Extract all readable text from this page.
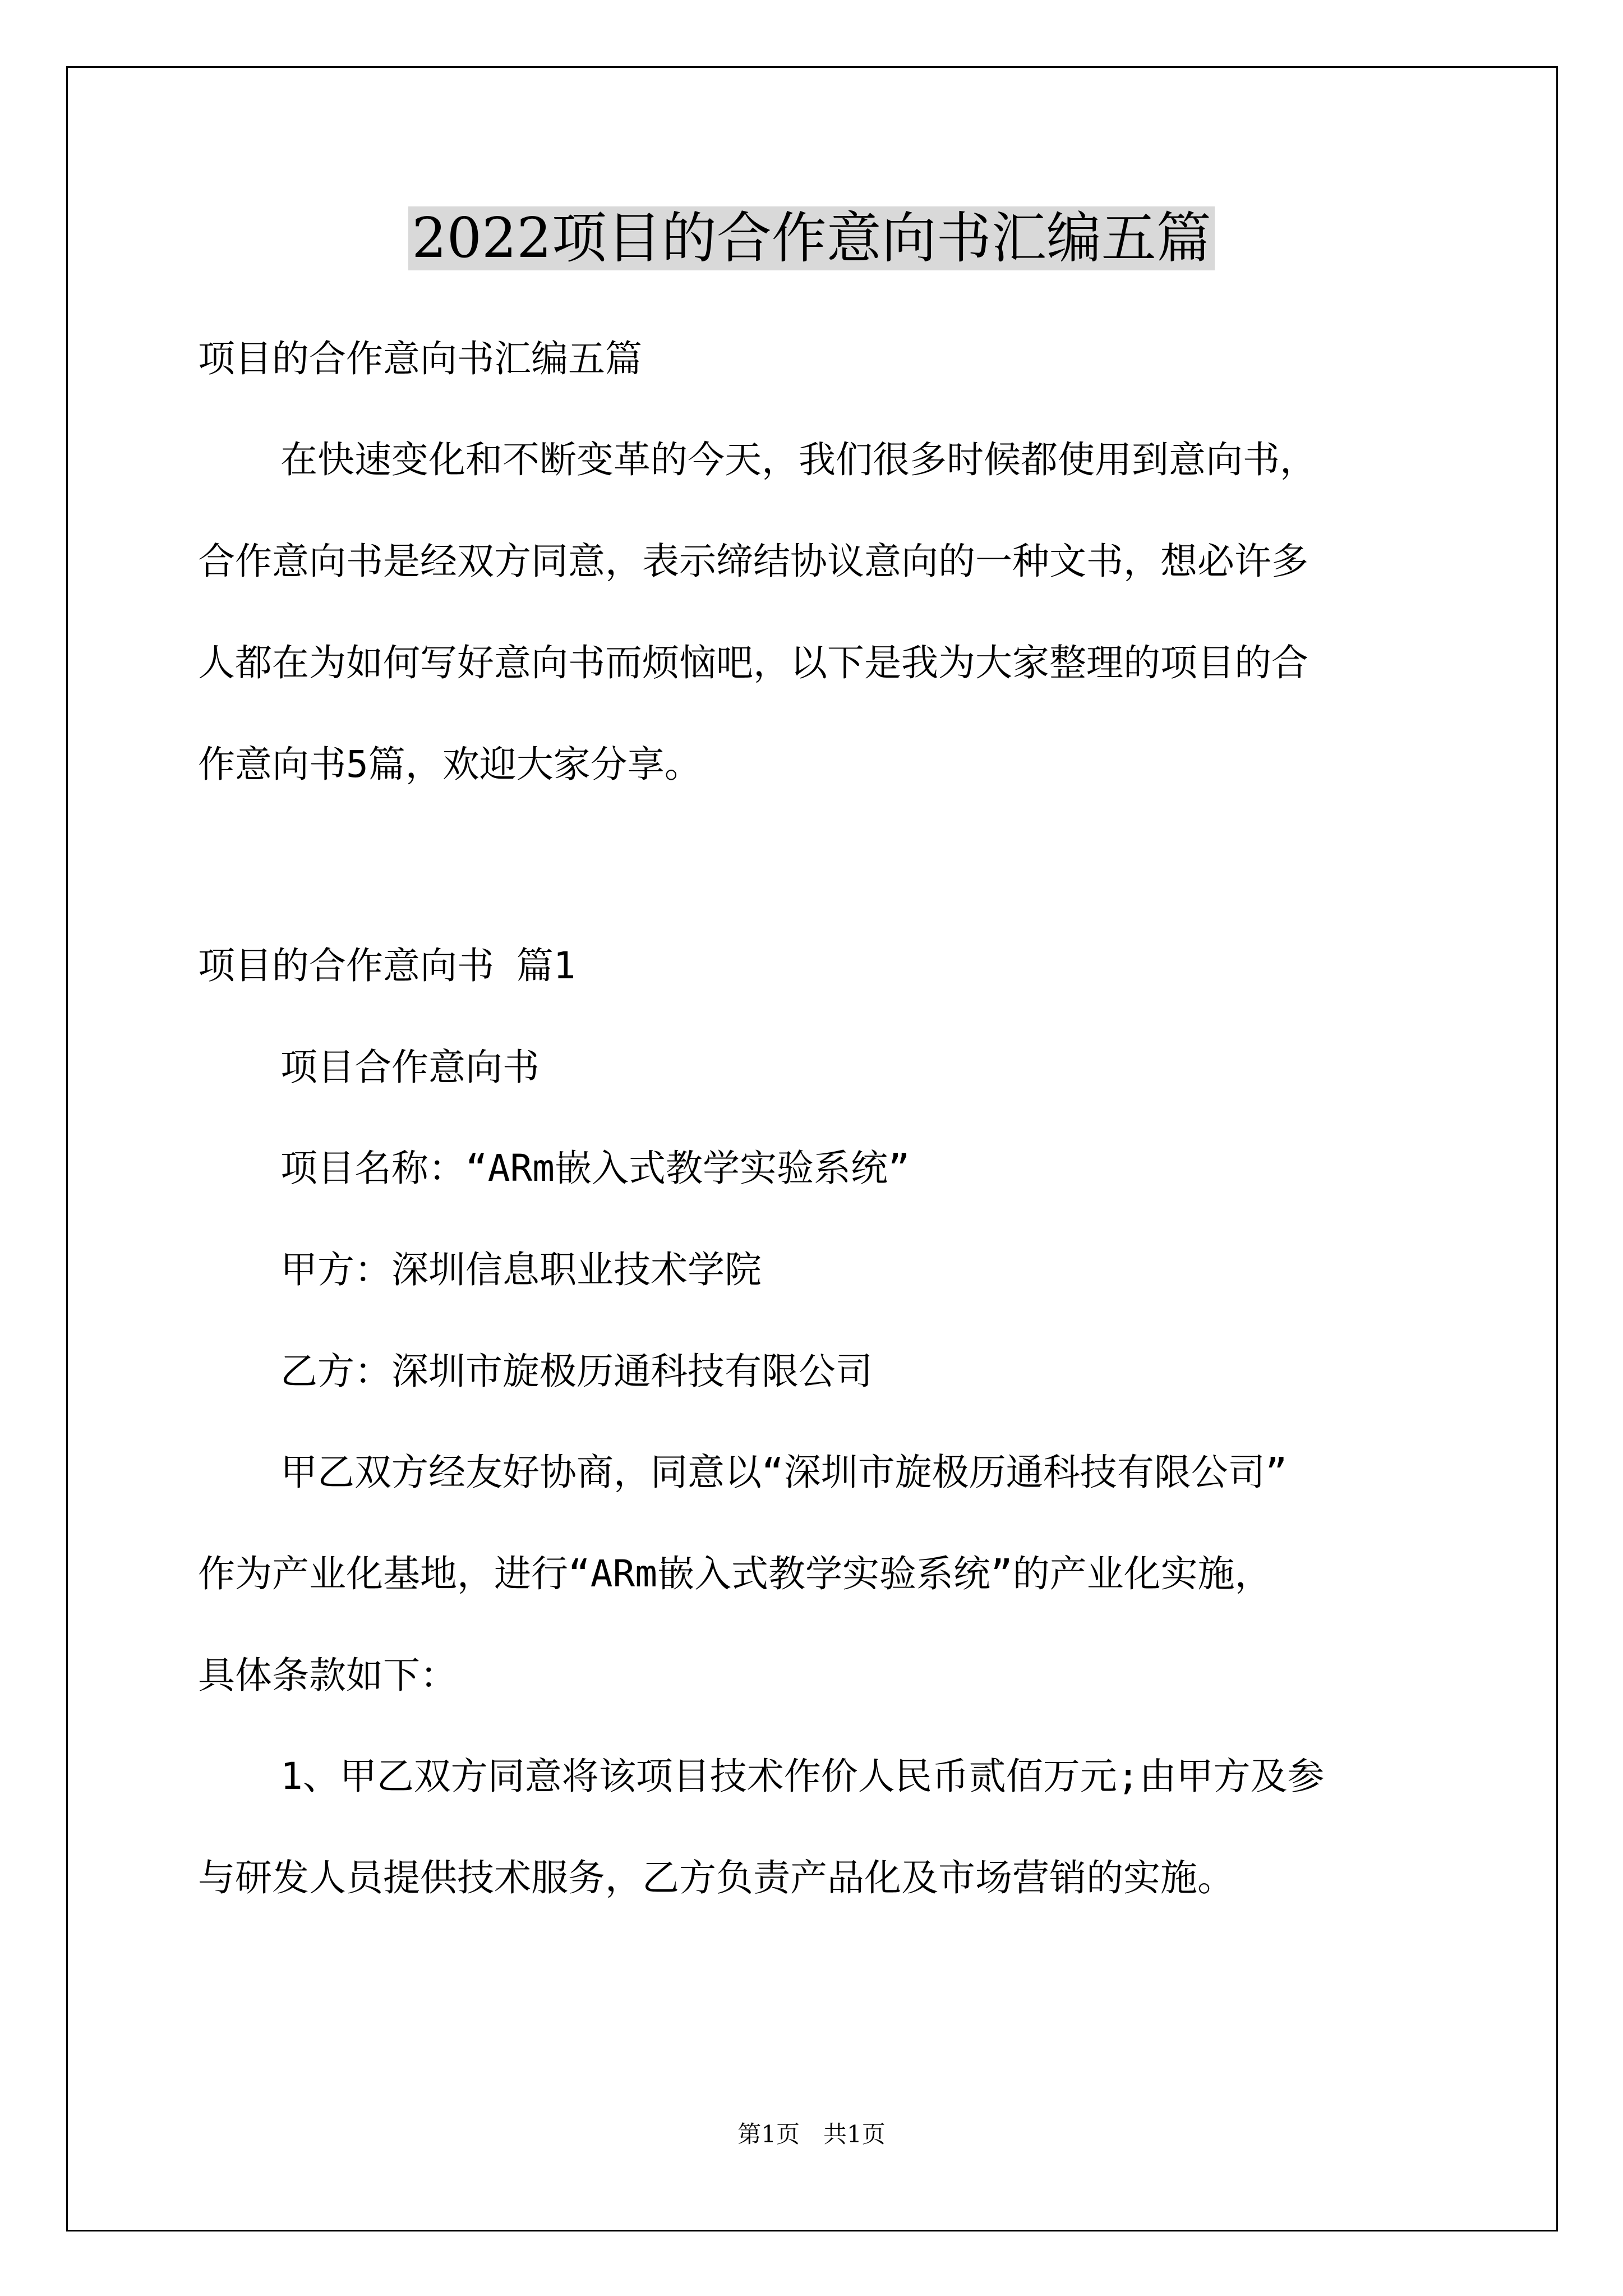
2022项目的合作意向书汇编五篇
项目的合作意向书汇编五篇
在快速变化和不断变革的今天，我们很多时候都使用到意向书，
合作意向书是经双方同意，表示缔结协议意向的一种文书，想必许多
人都在为如何写好意向书而烦恼吧，以下是我为大家整理的项目的合
作意向书5篇，欢迎大家分享。
项目的合作意向书 篇1
项目合作意向书
项目名称：“ARm嵌入式教学实验系统”
甲方：深圳信息职业技术学院
乙方：深圳市旋极历通科技有限公司
甲乙双方经友好协商，同意以“深圳市旋极历通科技有限公司”
作为产业化基地，进行“ARm嵌入式教学实验系统”的产业化实施，
具体条款如下：
1、甲乙双方同意将该项目技术作价人民币贰佰万元;由甲方及参
与研发人员提供技术服务，乙方负责产品化及市场营销的实施。
第1页　共1页
